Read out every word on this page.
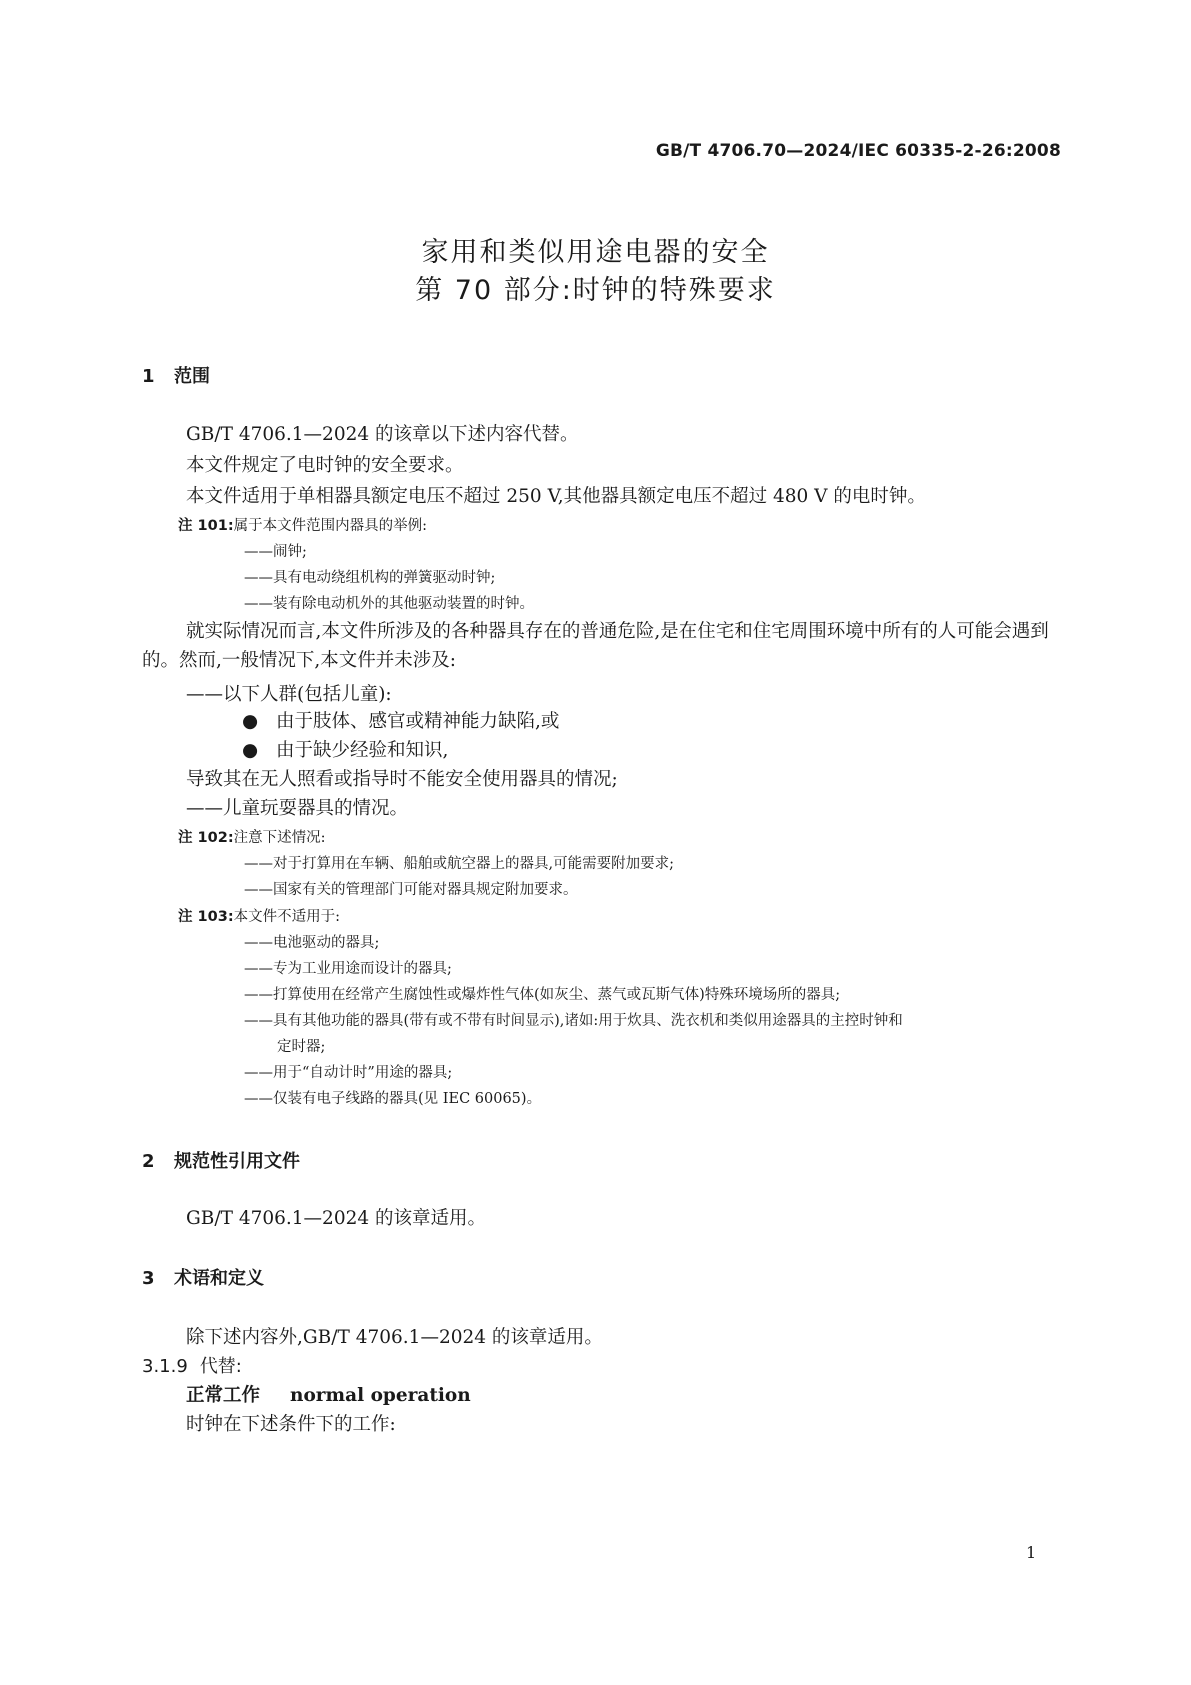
GB/T 4706.70—2024/IEC 60335-2-26:2008
家用和类似用途电器的安全
第 70 部分:时钟的特殊要求
1 范围
GB/T 4706.1—2024 的该章以下述内容代替。
本文件规定了电时钟的安全要求。
本文件适用于单相器具额定电压不超过 250 V,其他器具额定电压不超过 480 V 的电时钟。
注 101:属于本文件范围内器具的举例:
——闹钟;
——具有电动绕组机构的弹簧驱动时钟;
——装有除电动机外的其他驱动装置的时钟。
就实际情况而言,本文件所涉及的各种器具存在的普通危险,是在住宅和住宅周围环境中所有的人可能会遇到的。然而,一般情况下,本文件并未涉及:
——以下人群(包括儿童):
● 由于肢体、感官或精神能力缺陷,或
● 由于缺少经验和知识,
导致其在无人照看或指导时不能安全使用器具的情况;
——儿童玩耍器具的情况。
注 102:注意下述情况:
——对于打算用在车辆、船舶或航空器上的器具,可能需要附加要求;
——国家有关的管理部门可能对器具规定附加要求。
注 103:本文件不适用于:
——电池驱动的器具;
——专为工业用途而设计的器具;
——打算使用在经常产生腐蚀性或爆炸性气体(如灰尘、蒸气或瓦斯气体)特殊环境场所的器具;
——具有其他功能的器具(带有或不带有时间显示),诸如:用于炊具、洗衣机和类似用途器具的主控时钟和
定时器;
——用于“自动计时”用途的器具;
——仅装有电子线路的器具(见 IEC 60065)。
2 规范性引用文件
GB/T 4706.1—2024 的该章适用。
3 术语和定义
除下述内容外,GB/T 4706.1—2024 的该章适用。
3.1.9 代替:
正常工作 normal operation
时钟在下述条件下的工作:
1
